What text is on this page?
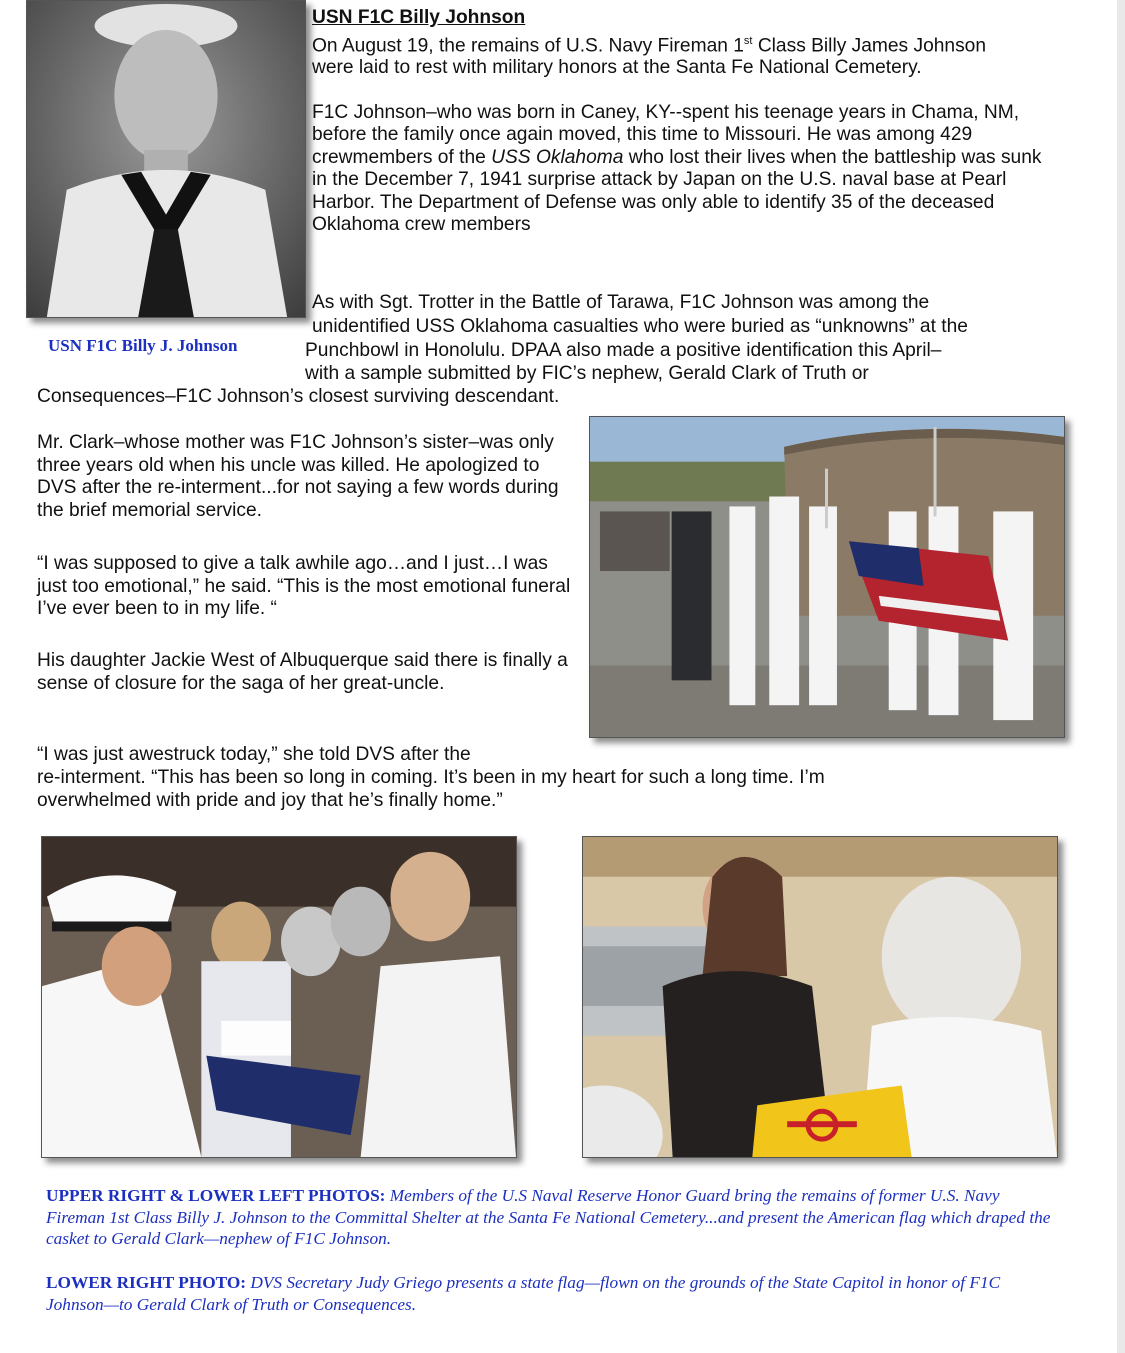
USN F1C Billy J. Johnson

USN F1C Billy Johnson

On August 19, the remains of U.S. Navy Fireman 1st Class Billy James Johnson were laid to rest with military honors at the Santa Fe National Cemetery.

F1C Johnson–who was born in Caney, KY--spent his teenage years in Chama, NM, before the family once again moved, this time to Missouri. He was among 429 crewmembers of the USS Oklahoma who lost their lives when the battleship was sunk in the December 7, 1941 surprise attack by Japan on the U.S. naval base at Pearl Harbor. The Department of Defense was only able to identify 35 of the deceased Oklahoma crew members

As with Sgt. Trotter in the Battle of Tarawa, F1C Johnson was among the
unidentified USS Oklahoma casualties who were buried as “unknowns” at the
Punchbowl in Honolulu. DPAA also made a positive identification this April–
with a sample submitted by FIC’s nephew, Gerald Clark of Truth or
Consequences–F1C Johnson’s closest surviving descendant.
Mr. Clark–whose mother was F1C Johnson’s sister–was only three years old when his uncle was killed. He apologized to DVS after the re-interment...for not saying a few words during the brief memorial service.
“I was supposed to give a talk awhile ago…and I just…I was just too emotional,” he said. “This is the most emotional funeral I’ve ever been to in my life. “
His daughter Jackie West of Albuquerque said there is finally a sense of closure for the saga of her great-uncle.
“I was just awestruck today,” she told DVS after the
re-interment. “This has been so long in coming. It’s been in my heart for such a long time. I’m
overwhelmed with pride and joy that he’s finally home.”
UPPER RIGHT & LOWER LEFT PHOTOS: Members of the U.S Naval Reserve Honor Guard bring the remains of former U.S. Navy Fireman 1st Class Billy J. Johnson to the Committal Shelter at the Santa Fe National Cemetery...and present the American flag which draped the casket to Gerald Clark—nephew of F1C Johnson.
LOWER RIGHT PHOTO: DVS Secretary Judy Griego presents a state flag—flown on the grounds of the State Capitol in honor of F1C Johnson—to Gerald Clark of Truth or Consequences.
